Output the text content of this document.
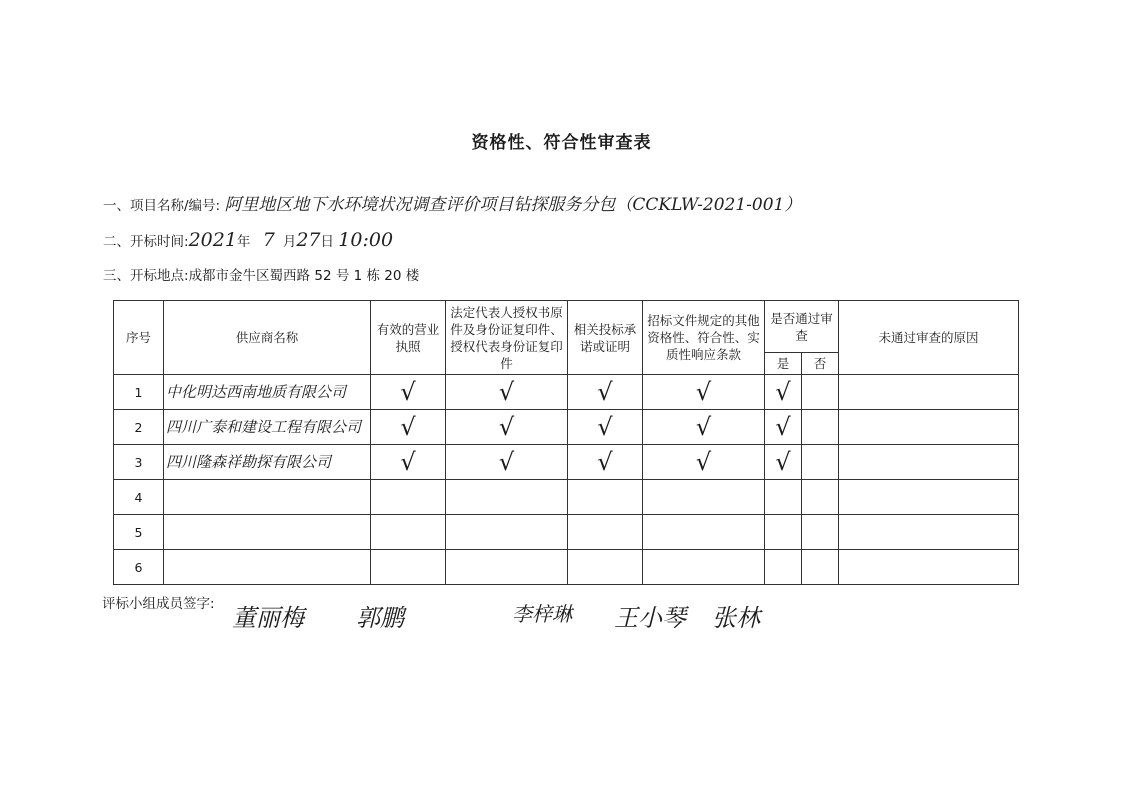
资格性、符合性审查表
一、项目名称/编号: 阿里地区地下水环境状况调查评价项目钻探服务分包（CCKLW-2021-001）
二、开标时间:2021年 7 月27日 10:00
三、开标地点:成都市金牛区蜀西路 52 号 1 栋 20 楼
序号	供应商名称	有效的营业执照	法定代表人授权书原件及身份证复印件、授权代表身份证复印件	相关投标承诺或证明	招标文件规定的其他资格性、符合性、实质性响应条款	是否通过审查		未通过审查的原因
						是	否	
1	中化明达西南地质有限公司	√	√	√	√	√		
2	四川广泰和建设工程有限公司	√	√	√	√	√		
3	四川隆森祥勘探有限公司	√	√	√	√	√		
4								
5								
6								
评标小组成员签字: 董丽梅 郭鹏	李梓琳 王小琴 张林
